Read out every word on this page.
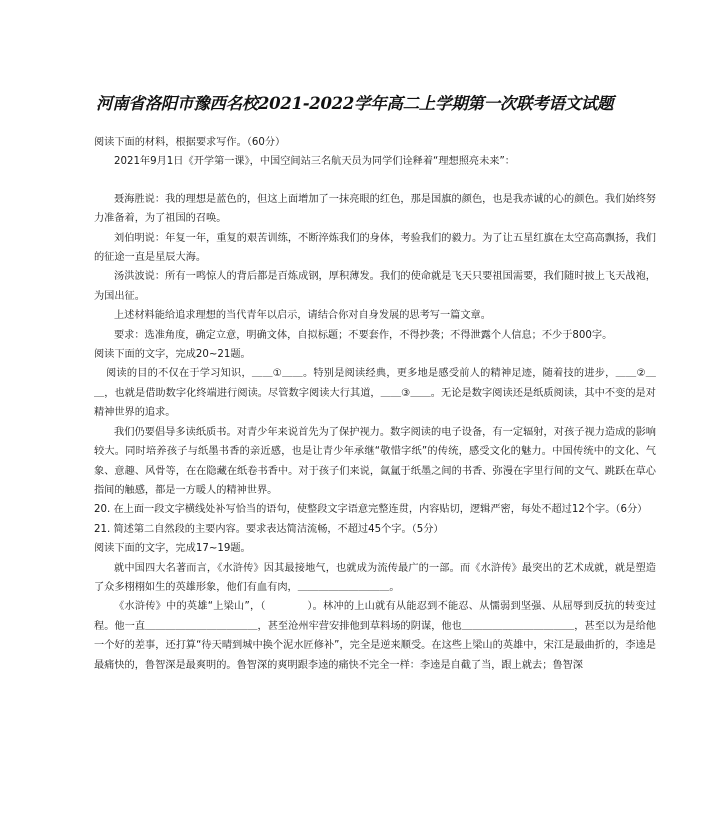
河南省洛阳市豫西名校2021-2022学年高二上学期第一次联考语文试题

阅读下面的材料，根据要求写作。（60分）

2021年9月1日《开学第一课》，中国空间站三名航天员为同学们诠释着“理想照亮未来”：

聂海胜说：我的理想是蓝色的，但这上面增加了一抹亮眼的红色，那是国旗的颜色，也是我赤诚的心的颜色。我们始终努力准备着，为了祖国的召唤。

刘伯明说：年复一年，重复的艰苦训练，不断淬炼我们的身体，考验我们的毅力。为了让五星红旗在太空高高飘扬，我们的征途一直是星辰大海。

汤洪波说：所有一鸣惊人的背后都是百炼成钢，厚积薄发。我们的使命就是飞天只要祖国需要，我们随时披上飞天战袍，为国出征。

上述材料能给追求理想的当代青年以启示，请结合你对自身发展的思考写一篇文章。

要求：选准角度，确定立意，明确文体，自拟标题；不要套作，不得抄袭；不得泄露个人信息；不少于800字。

阅读下面的文字，完成20~21题。

阅读的目的不仅在于学习知识，＿＿①＿＿。特别是阅读经典，更多地是感受前人的精神足迹，随着技的进步，＿＿②＿＿，也就是借助数字化终端进行阅读。尽管数字阅读大行其道，＿＿③＿＿。无论是数字阅读还是纸质阅读，其中不变的是对精神世界的追求。

我们仍要倡导多读纸质书。对青少年来说首先为了保护视力。数字阅读的电子设备，有一定辐射，对孩子视力造成的影响较大。同时培养孩子与纸墨书香的亲近感，也是让青少年承继“敬惜字纸”的传统，感受文化的魅力。中国传统中的文化、气象、意趣、风骨等，在在隐藏在纸卷书香中。对于孩子们来说，氤氲于纸墨之间的书香、弥漫在字里行间的文气、跳跃在草心指间的触感，都是一方暖人的精神世界。

20. 在上面一段文字横线处补写恰当的语句，使整段文字语意完整连贯，内容贴切，逻辑严密，每处不超过12个字。（6分）

21. 简述第二自然段的主要内容。要求表达简洁流畅，不超过45个字。（5分）

阅读下面的文字，完成17~19题。

就中国四大名著而言，《水浒传》因其最接地气，也就成为流传最广的一部。而《水浒传》最突出的艺术成就，就是塑造了众多栩栩如生的英雄形象，他们有血有肉，＿＿＿＿＿＿＿＿＿。

《水浒传》中的英雄“上梁山”，（　　　　）。林冲的上山就有从能忍到不能忍、从懦弱到坚强、从屈辱到反抗的转变过程。他一直＿＿＿＿＿＿＿＿＿＿＿，甚至沧州牢营安排他到草料场的阴谋，他也＿＿＿＿＿＿＿＿＿＿＿，甚至以为是给他一个好的差事，还打算“待天晴到城中换个泥水匠修补”，完全是逆来顺受。在这些上梁山的英雄中，宋江是最曲折的，李逵是最痛快的，鲁智深是最爽明的。鲁智深的爽明跟李逵的痛快不完全一样：李逵是自截了当，跟上就去；鲁智深
